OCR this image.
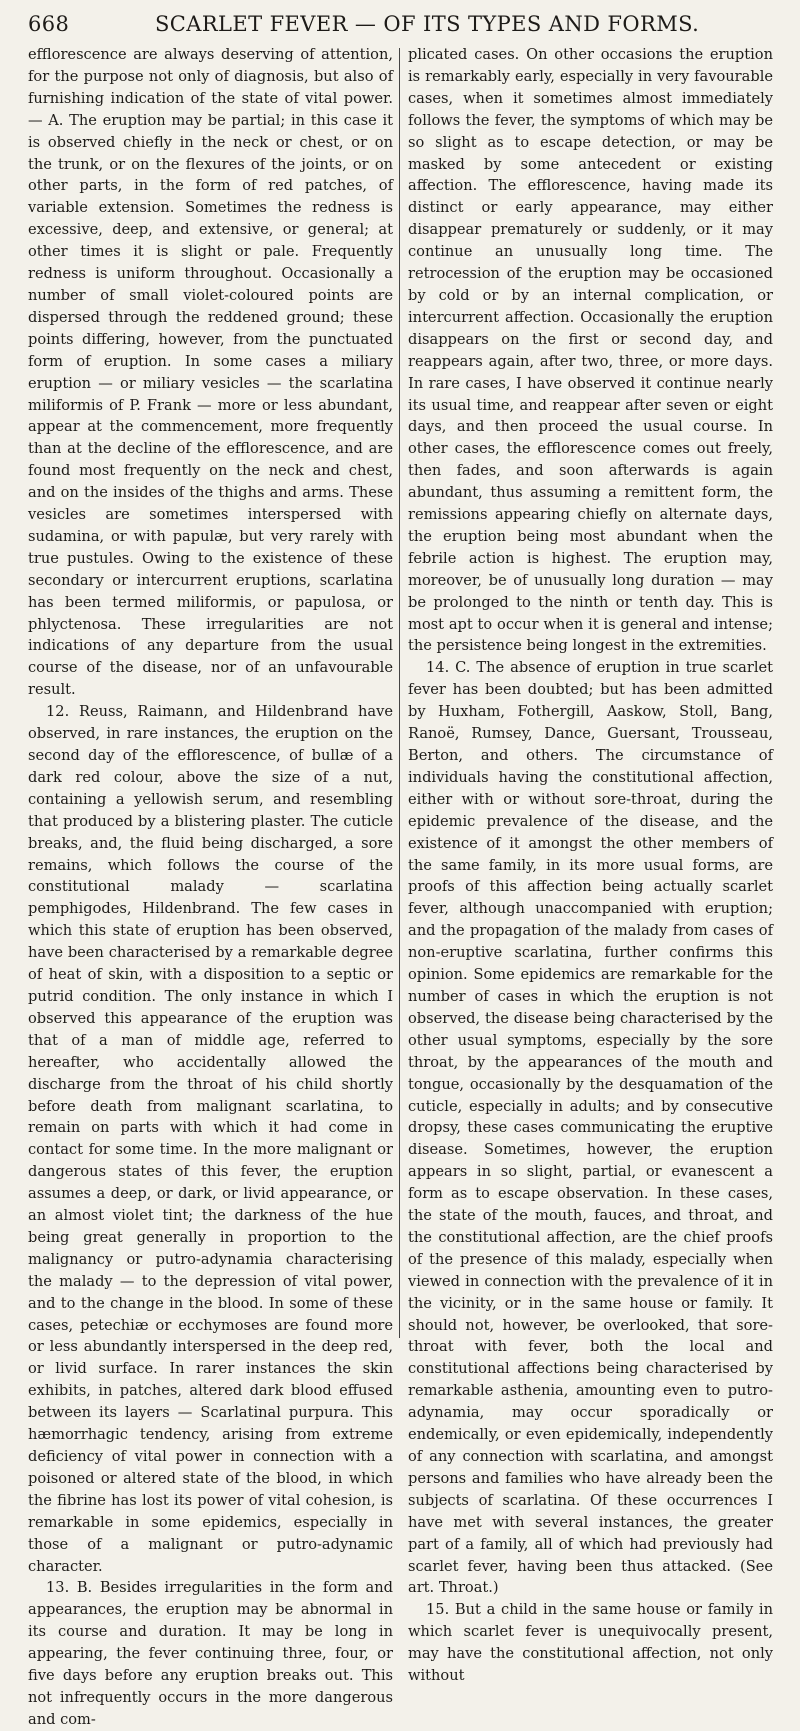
668	SCARLET FEVER — OF ITS TYPES AND FORMS.

efflorescence are always deserving of attention, for the purpose not only of diagnosis, but also of furnishing indication of the state of vital power.— A. The eruption may be partial; in this case it is observed chiefly in the neck or chest, or on the trunk, or on the flexures of the joints, or on other parts, in the form of red patches, of variable extension. Sometimes the redness is excessive, deep, and extensive, or general; at other times it is slight or pale. Frequently redness is uniform throughout. Occasionally a number of small violet-coloured points are dispersed through the reddened ground; these points differing, however, from the punctuated form of eruption. In some cases a miliary eruption — or miliary vesicles — the scarlatina miliformis of P. Frank — more or less abundant, appear at the commencement, more frequently than at the decline of the efflorescence, and are found most frequently on the neck and chest, and on the insides of the thighs and arms. These vesicles are sometimes interspersed with sudamina, or with papulæ, but very rarely with true pustules. Owing to the existence of these secondary or intercurrent eruptions, scarlatina has been termed miliformis, or papulosa, or phlyctenosa. These irregularities are not indications of any departure from the usual course of the disease, nor of an unfavourable result.

12. Reuss, Raimann, and Hildenbrand have observed, in rare instances, the eruption on the second day of the efflorescence, of bullæ of a dark red colour, above the size of a nut, containing a yellowish serum, and resembling that produced by a blistering plaster. The cuticle breaks, and, the fluid being discharged, a sore remains, which follows the course of the constitutional malady — scarlatina pemphigodes, Hildenbrand. The few cases in which this state of eruption has been observed, have been characterised by a remarkable degree of heat of skin, with a disposition to a septic or putrid condition. The only instance in which I observed this appearance of the eruption was that of a man of middle age, referred to hereafter, who accidentally allowed the discharge from the throat of his child shortly before death from malignant scarlatina, to remain on parts with which it had come in contact for some time. In the more malignant or dangerous states of this fever, the eruption assumes a deep, or dark, or livid appearance, or an almost violet tint; the darkness of the hue being great generally in proportion to the malignancy or putro-adynamia characterising the malady — to the depression of vital power, and to the change in the blood. In some of these cases, petechiæ or ecchymoses are found more or less abundantly interspersed in the deep red, or livid surface. In rarer instances the skin exhibits, in patches, altered dark blood effused between its layers — Scarlatinal purpura. This hæmorrhagic tendency, arising from extreme deficiency of vital power in connection with a poisoned or altered state of the blood, in which the fibrine has lost its power of vital cohesion, is remarkable in some epidemics, especially in those of a malignant or putro-adynamic character.

13. B. Besides irregularities in the form and appearances, the eruption may be abnormal in its course and duration. It may be long in appearing, the fever continuing three, four, or five days before any eruption breaks out. This not infrequently occurs in the more dangerous and com-

plicated cases. On other occasions the eruption is remarkably early, especially in very favourable cases, when it sometimes almost immediately follows the fever, the symptoms of which may be so slight as to escape detection, or may be masked by some antecedent or existing affection. The efflorescence, having made its distinct or early appearance, may either disappear prematurely or suddenly, or it may continue an unusually long time. The retrocession of the eruption may be occasioned by cold or by an internal complication, or intercurrent affection. Occasionally the eruption disappears on the first or second day, and reappears again, after two, three, or more days. In rare cases, I have observed it continue nearly its usual time, and reappear after seven or eight days, and then proceed the usual course. In other cases, the efflorescence comes out freely, then fades, and soon afterwards is again abundant, thus assuming a remittent form, the remissions appearing chiefly on alternate days, the eruption being most abundant when the febrile action is highest. The eruption may, moreover, be of unusually long duration — may be prolonged to the ninth or tenth day. This is most apt to occur when it is general and intense; the persistence being longest in the extremities.

14. C. The absence of eruption in true scarlet fever has been doubted; but has been admitted by Huxham, Fothergill, Aaskow, Stoll, Bang, Ranoë, Rumsey, Dance, Guersant, Trousseau, Berton, and others. The circumstance of individuals having the constitutional affection, either with or without sore-throat, during the epidemic prevalence of the disease, and the existence of it amongst the other members of the same family, in its more usual forms, are proofs of this affection being actually scarlet fever, although unaccompanied with eruption; and the propagation of the malady from cases of non-eruptive scarlatina, further confirms this opinion. Some epidemics are remarkable for the number of cases in which the eruption is not observed, the disease being characterised by the other usual symptoms, especially by the sore throat, by the appearances of the mouth and tongue, occasionally by the desquamation of the cuticle, especially in adults; and by consecutive dropsy, these cases communicating the eruptive disease. Sometimes, however, the eruption appears in so slight, partial, or evanescent a form as to escape observation. In these cases, the state of the mouth, fauces, and throat, and the constitutional affection, are the chief proofs of the presence of this malady, especially when viewed in connection with the prevalence of it in the vicinity, or in the same house or family. It should not, however, be overlooked, that sore-throat with fever, both the local and constitutional affections being characterised by remarkable asthenia, amounting even to putro-adynamia, may occur sporadically or endemically, or even epidemically, independently of any connection with scarlatina, and amongst persons and families who have already been the subjects of scarlatina. Of these occurrences I have met with several instances, the greater part of a family, all of which had previously had scarlet fever, having been thus attacked. (See art. Throat.)

15. But a child in the same house or family in which scarlet fever is unequivocally present, may have the constitutional affection, not only without
